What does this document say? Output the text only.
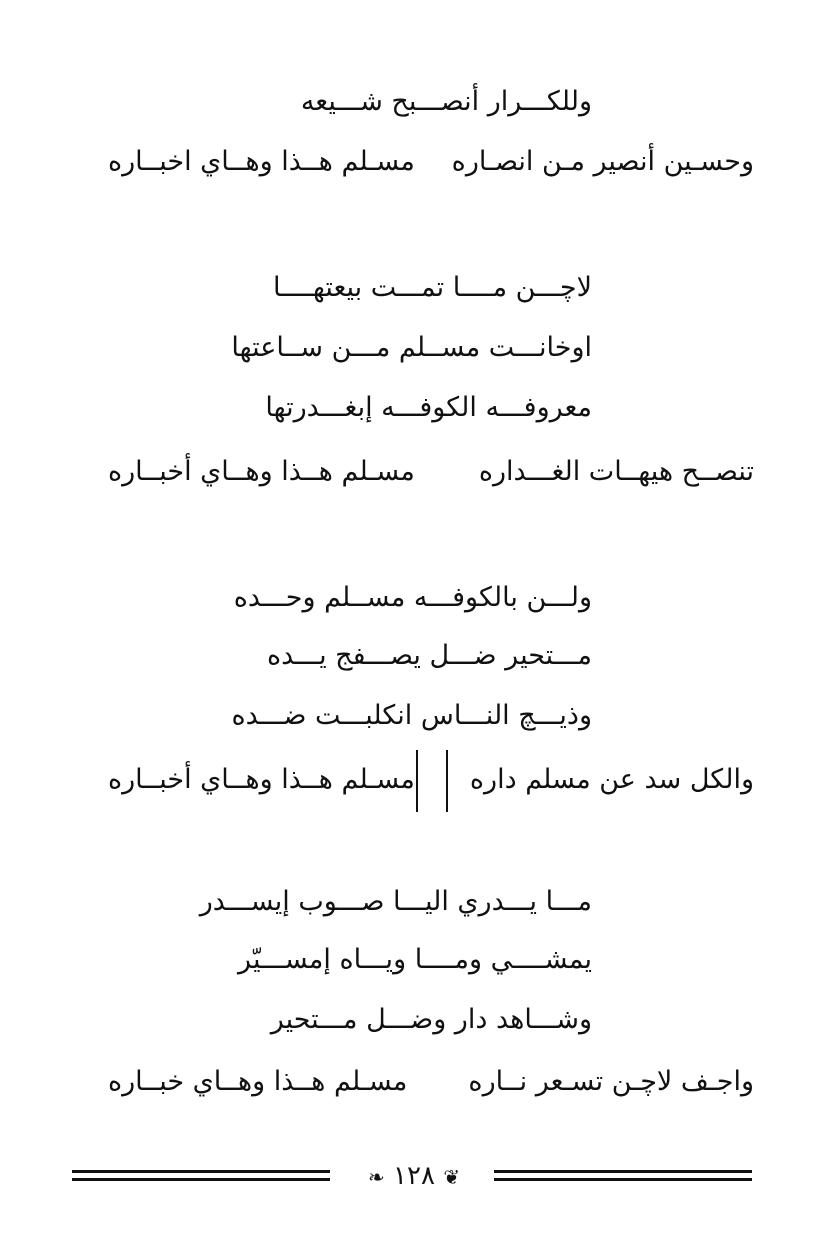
وللكـــرار أنصـــبح شـــيعه
وحسـين أنصير مـن انصـاره
مسـلم هــذا وهــاي اخبــاره
لاچـــن مــــا تمـــت بيعتهــــا
اوخانـــت مســلم مـــن ســاعتها
معروفـــه الكوفـــه إبغـــدرتها
تنصــح هيهــات الغـــداره
مسـلم هــذا وهــاي أخبــاره
ولـــن بالكوفـــه مســلم وحـــده
مـــتحير ضـــل يصـــفج يـــده
وذيـــچ النـــاس انكلبـــت ضـــده
والكل سد عن مسلم داره
مسـلم هــذا وهــاي أخبــاره
مـــا يـــدري اليـــا صـــوب إيســـدر
يمشــــي ومــــا ويـــاه إمســـيّر
وشـــاهد دار وضـــل مـــتحير
واجـف لاچـن تسـعر نــاره
مسـلم هــذا وهــاي خبــاره
❦ ١٢٨ ❧
